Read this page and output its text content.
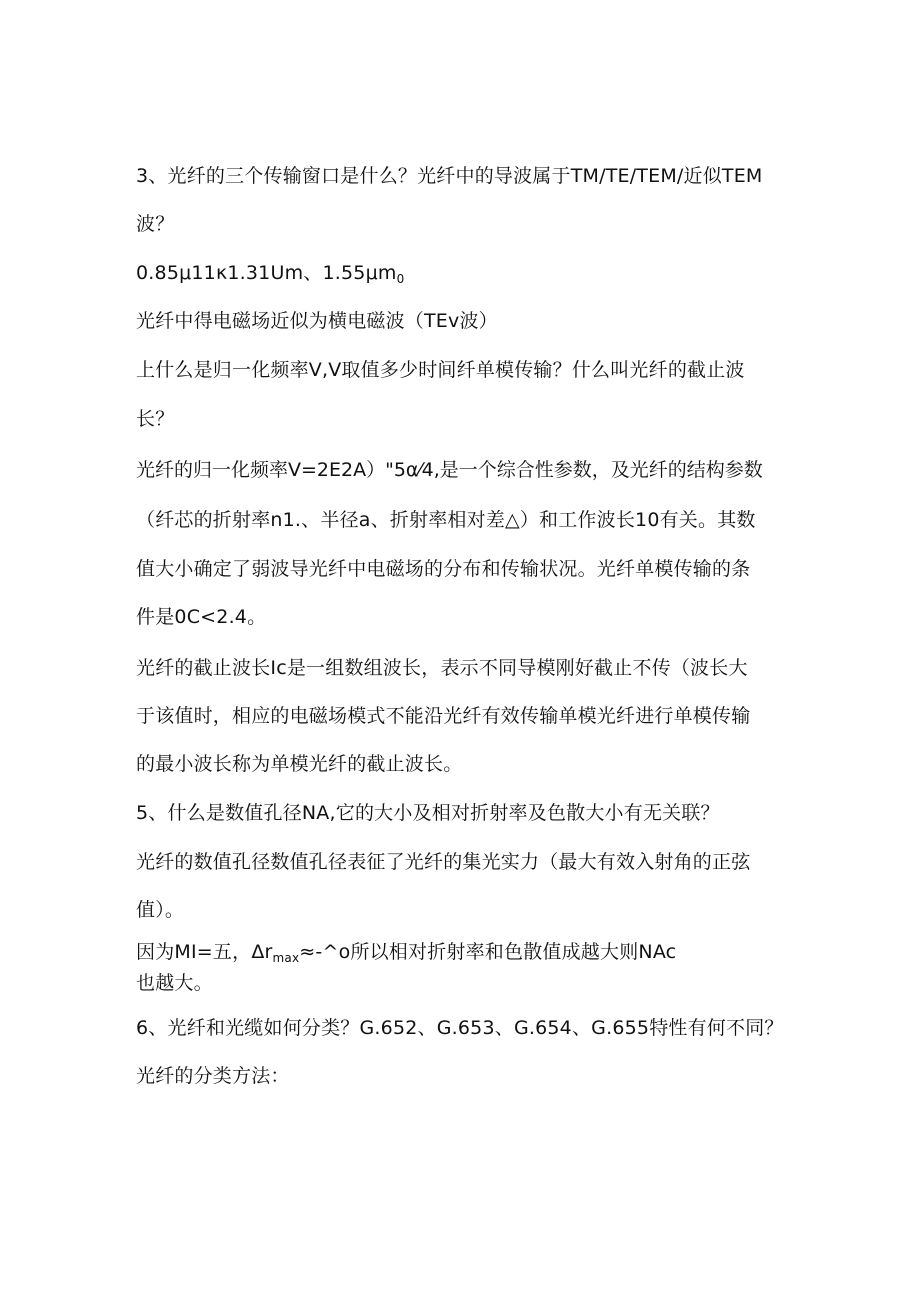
3、光纤的三个传输窗口是什么？光纤中的导波属于TM/TE/TEM/近似TEM
波？
0.85μ11κ1.31Um、$1.55\mu m_0$
光纤中得电磁场近似为横电磁波（TEv波）
上什么是归一化频率V,V取值多少时间纤单模传输？什么叫光纤的截止波
长？
光纤的归一化频率V=2E2A）"5α⁄4,是一个综合性参数，及光纤的结构参数
（纤芯的折射率n1.、半径a、折射率相对差△）和工作波长10有关。其数
值大小确定了弱波导光纤中电磁场的分布和传输状况。光纤单模传输的条
件是0C<2.4。
光纤的截止波长Ic是一组数组波长，表示不同导模刚好截止不传（波长大
于该值时，相应的电磁场模式不能沿光纤有效传输单模光纤进行单模传输
的最小波长称为单模光纤的截止波长。
5、什么是数值孔径NA,它的大小及相对折射率及色散大小有无关联？
光纤的数值孔径数值孔径表征了光纤的集光实力（最大有效入射角的正弦
值）。
因为MI=五，$\Delta r_{max}\approx-\^{}o$所以相对折射率和色散值成越大则NAc
也越大。
6、光纤和光缆如何分类？G.652、G.653、G.654、G.655特性有何不同？
光纤的分类方法：
